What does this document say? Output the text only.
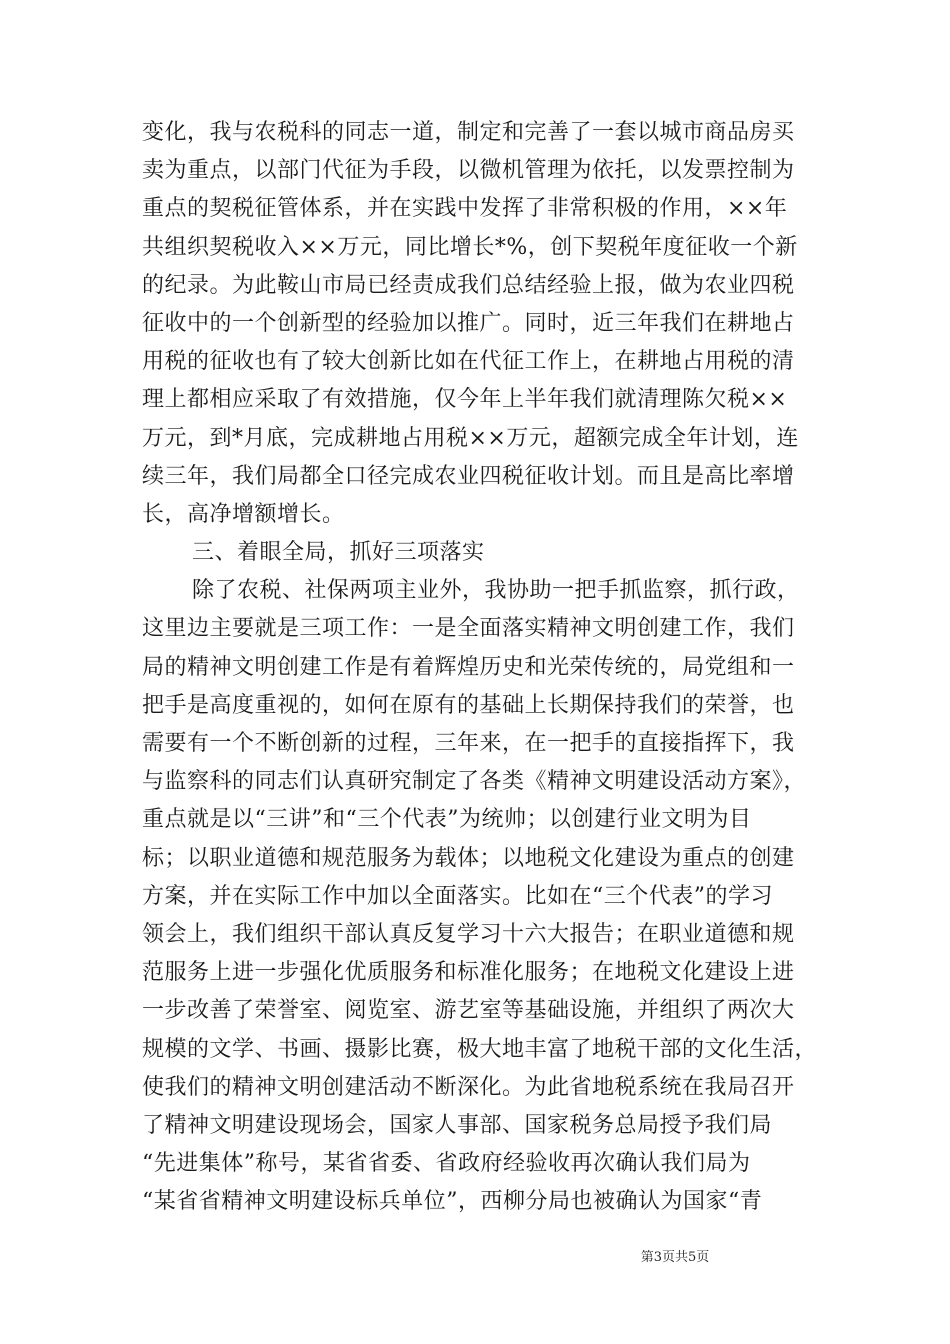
变化，我与农税科的同志一道，制定和完善了一套以城市商品房买
卖为重点，以部门代征为手段，以微机管理为依托，以发票控制为
重点的契税征管体系，并在实践中发挥了非常积极的作用，××年
共组织契税收入××万元，同比增长*%，创下契税年度征收一个新
的纪录。为此鞍山市局已经责成我们总结经验上报，做为农业四税
征收中的一个创新型的经验加以推广。同时，近三年我们在耕地占
用税的征收也有了较大创新比如在代征工作上，在耕地占用税的清
理上都相应采取了有效措施，仅今年上半年我们就清理陈欠税××
万元，到*月底，完成耕地占用税××万元，超额完成全年计划，连
续三年，我们局都全口径完成农业四税征收计划。而且是高比率增
长，高净增额增长。
三、着眼全局，抓好三项落实
除了农税、社保两项主业外，我协助一把手抓监察，抓行政，
这里边主要就是三项工作：一是全面落实精神文明创建工作，我们
局的精神文明创建工作是有着辉煌历史和光荣传统的，局党组和一
把手是高度重视的，如何在原有的基础上长期保持我们的荣誉，也
需要有一个不断创新的过程，三年来，在一把手的直接指挥下，我
与监察科的同志们认真研究制定了各类《精神文明建设活动方案》，
重点就是以“三讲”和“三个代表”为统帅；以创建行业文明为目
标；以职业道德和规范服务为载体；以地税文化建设为重点的创建
方案，并在实际工作中加以全面落实。比如在“三个代表”的学习
领会上，我们组织干部认真反复学习十六大报告；在职业道德和规
范服务上进一步强化优质服务和标准化服务；在地税文化建设上进
一步改善了荣誉室、阅览室、游艺室等基础设施，并组织了两次大
规模的文学、书画、摄影比赛，极大地丰富了地税干部的文化生活，
使我们的精神文明创建活动不断深化。为此省地税系统在我局召开
了精神文明建设现场会，国家人事部、国家税务总局授予我们局
“先进集体”称号，某省省委、省政府经验收再次确认我们局为
“某省省精神文明建设标兵单位”，西柳分局也被确认为国家“青
第3页共5页
